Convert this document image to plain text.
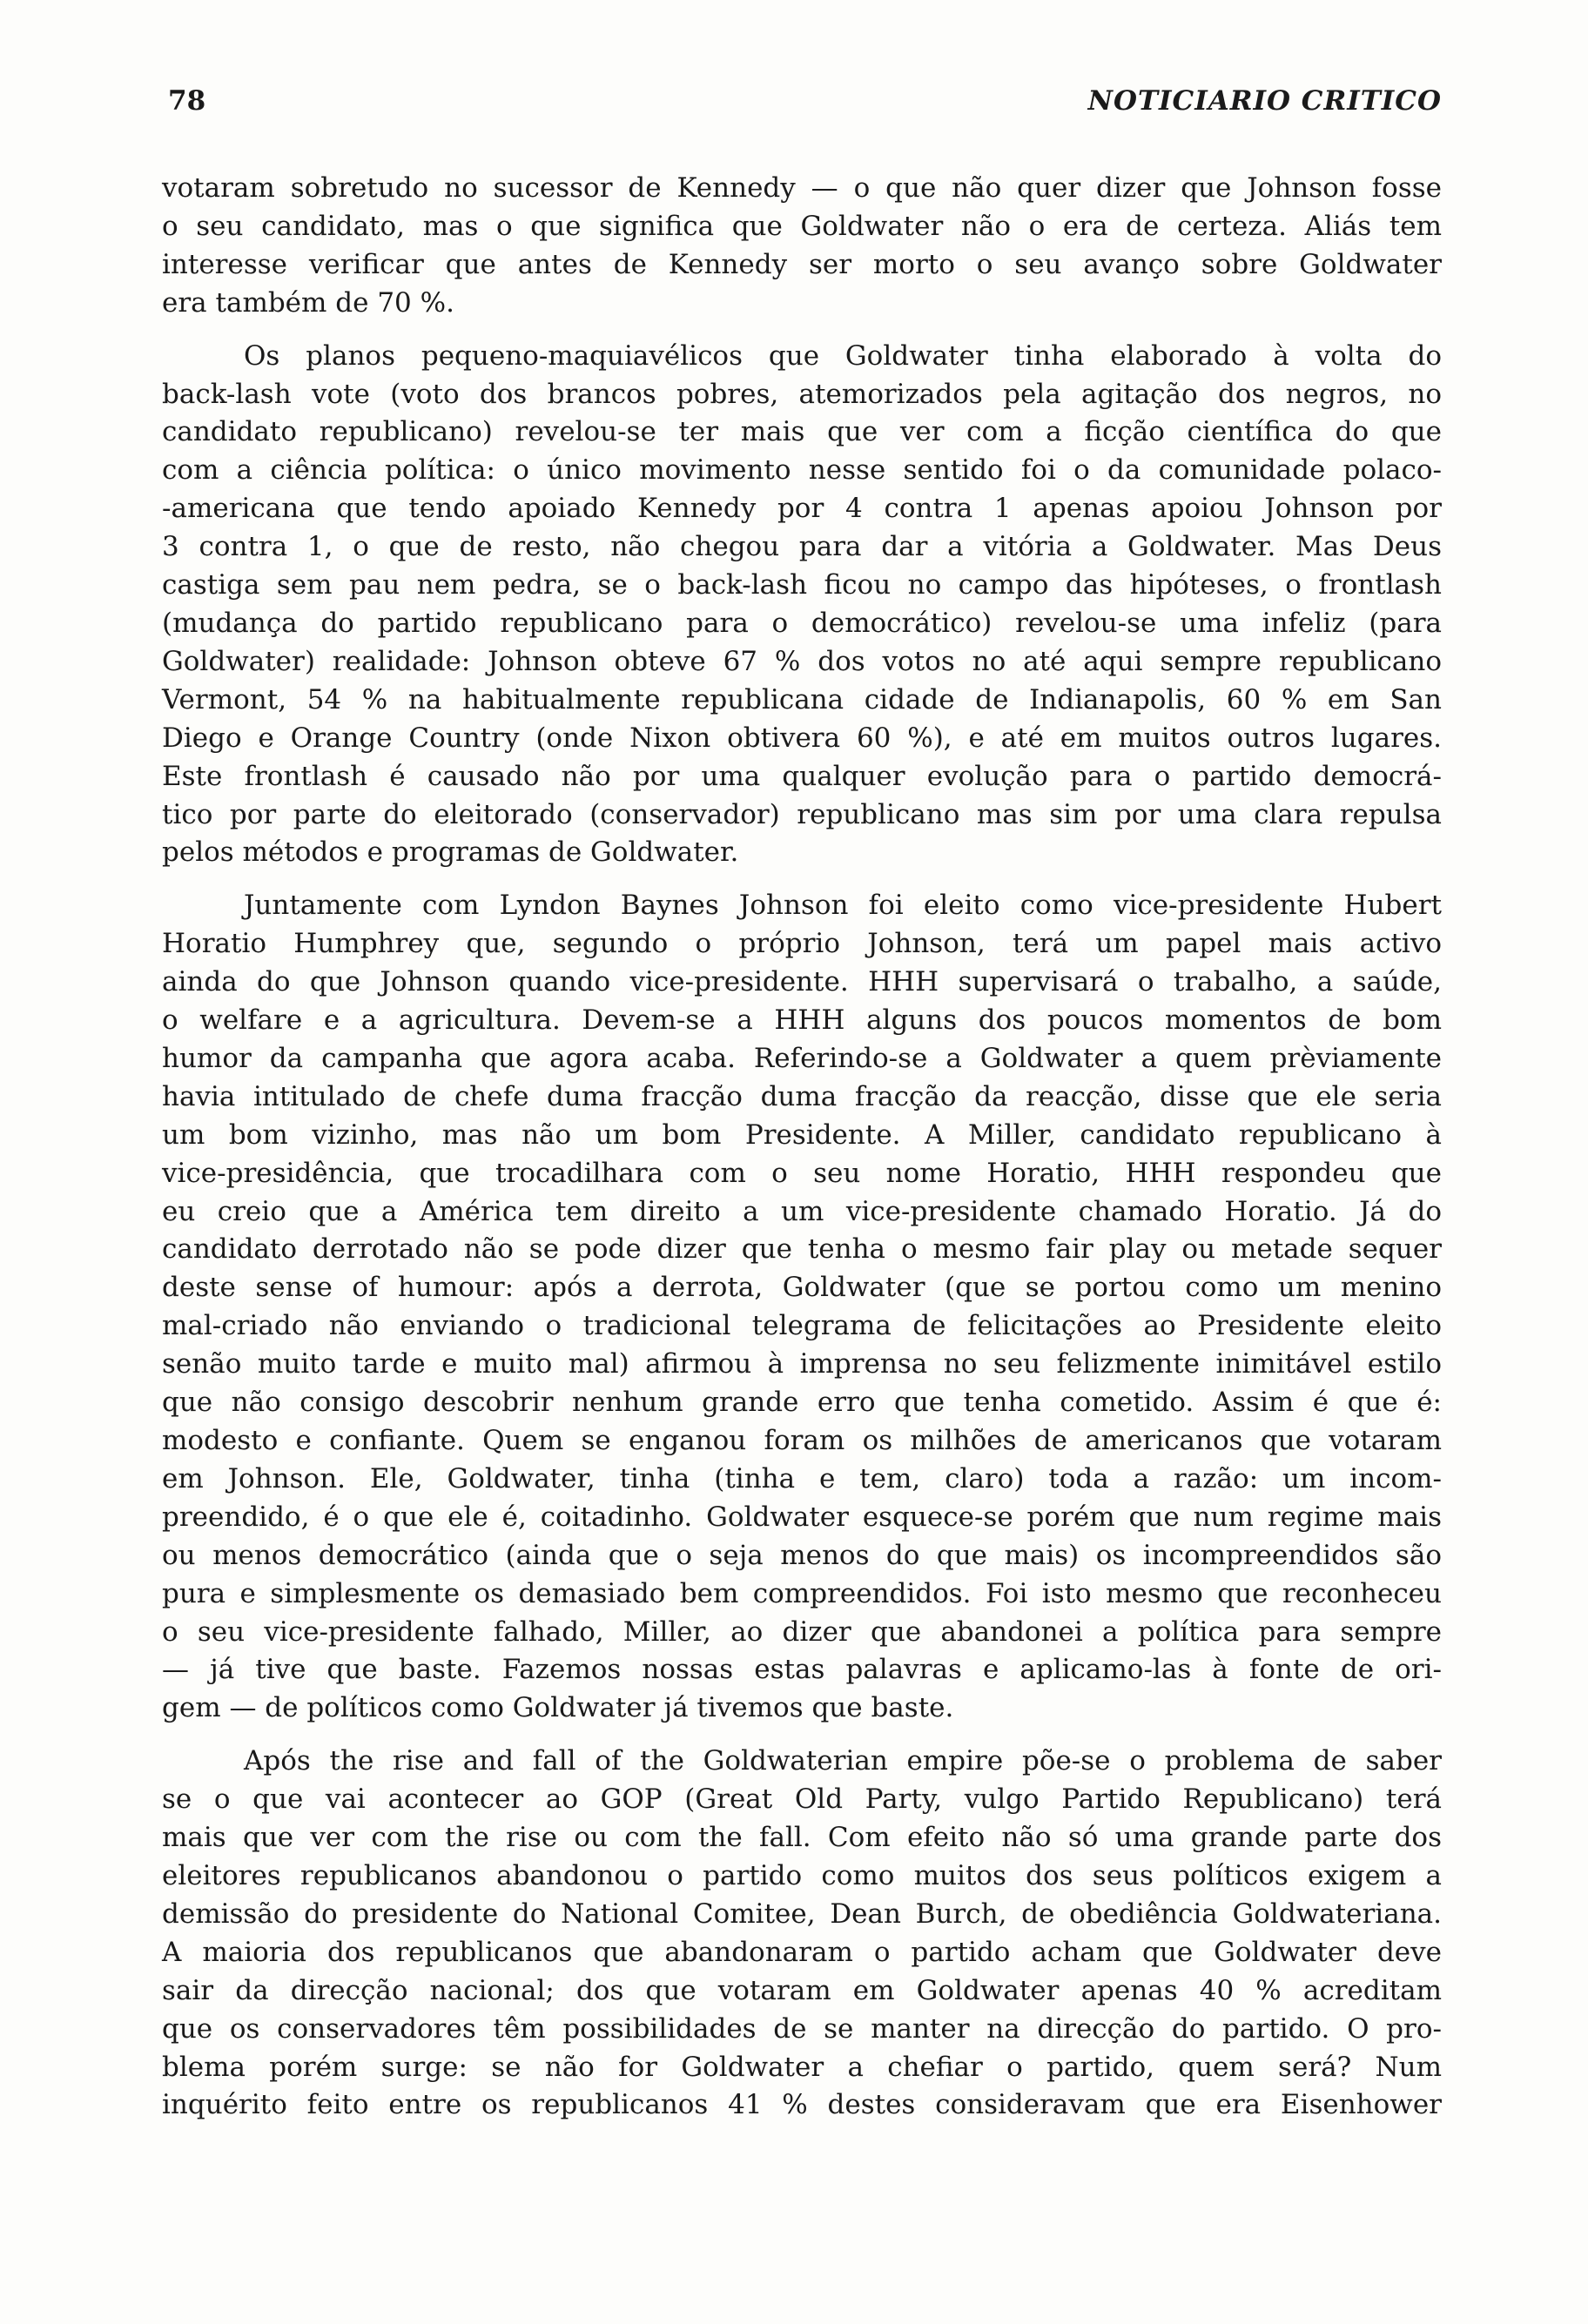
78	NOTICIARIO CRITICO
votaram sobretudo no sucessor de Kennedy — o que não quer dizer que Johnson fosse
o seu candidato, mas o que significa que Goldwater não o era de certeza. Aliás tem
interesse verificar que antes de Kennedy ser morto o seu avanço sobre Goldwater
era também de 70 %.
Os planos pequeno-maquiavélicos que Goldwater tinha elaborado à volta do
back-lash vote (voto dos brancos pobres, atemorizados pela agitação dos negros, no
candidato republicano) revelou-se ter mais que ver com a ficção científica do que
com a ciência política: o único movimento nesse sentido foi o da comunidade polaco-
-americana que tendo apoiado Kennedy por 4 contra 1 apenas apoiou Johnson por
3 contra 1, o que de resto, não chegou para dar a vitória a Goldwater. Mas Deus
castiga sem pau nem pedra, se o back-lash ficou no campo das hipóteses, o frontlash
(mudança do partido republicano para o democrático) revelou-se uma infeliz (para
Goldwater) realidade: Johnson obteve 67 % dos votos no até aqui sempre republicano
Vermont, 54 % na habitualmente republicana cidade de Indianapolis, 60 % em San
Diego e Orange Country (onde Nixon obtivera 60 %), e até em muitos outros lugares.
Este frontlash é causado não por uma qualquer evolução para o partido democrá-
tico por parte do eleitorado (conservador) republicano mas sim por uma clara repulsa
pelos métodos e programas de Goldwater.
Juntamente com Lyndon Baynes Johnson foi eleito como vice-presidente Hubert
Horatio Humphrey que, segundo o próprio Johnson, terá um papel mais activo
ainda do que Johnson quando vice-presidente. HHH supervisará o trabalho, a saúde,
o welfare e a agricultura. Devem-se a HHH alguns dos poucos momentos de bom
humor da campanha que agora acaba. Referindo-se a Goldwater a quem prèviamente
havia intitulado de chefe duma fracção duma fracção da reacção, disse que ele seria
um bom vizinho, mas não um bom Presidente. A Miller, candidato republicano à
vice-presidência, que trocadilhara com o seu nome Horatio, HHH respondeu que
eu creio que a América tem direito a um vice-presidente chamado Horatio. Já do
candidato derrotado não se pode dizer que tenha o mesmo fair play ou metade sequer
deste sense of humour: após a derrota, Goldwater (que se portou como um menino
mal-criado não enviando o tradicional telegrama de felicitações ao Presidente eleito
senão muito tarde e muito mal) afirmou à imprensa no seu felizmente inimitável estilo
que não consigo descobrir nenhum grande erro que tenha cometido. Assim é que é:
modesto e confiante. Quem se enganou foram os milhões de americanos que votaram
em Johnson. Ele, Goldwater, tinha (tinha e tem, claro) toda a razão: um incom-
preendido, é o que ele é, coitadinho. Goldwater esquece-se porém que num regime mais
ou menos democrático (ainda que o seja menos do que mais) os incompreendidos são
pura e simplesmente os demasiado bem compreendidos. Foi isto mesmo que reconheceu
o seu vice-presidente falhado, Miller, ao dizer que abandonei a política para sempre
— já tive que baste. Fazemos nossas estas palavras e aplicamo-las à fonte de ori-
gem — de políticos como Goldwater já tivemos que baste.
Após the rise and fall of the Goldwaterian empire põe-se o problema de saber
se o que vai acontecer ao GOP (Great Old Party, vulgo Partido Republicano) terá
mais que ver com the rise ou com the fall. Com efeito não só uma grande parte dos
eleitores republicanos abandonou o partido como muitos dos seus políticos exigem a
demissão do presidente do National Comitee, Dean Burch, de obediência Goldwateriana.
A maioria dos republicanos que abandonaram o partido acham que Goldwater deve
sair da direcção nacional; dos que votaram em Goldwater apenas 40 % acreditam
que os conservadores têm possibilidades de se manter na direcção do partido. O pro-
blema porém surge: se não for Goldwater a chefiar o partido, quem será? Num
inquérito feito entre os republicanos 41 % destes consideravam que era Eisenhower
